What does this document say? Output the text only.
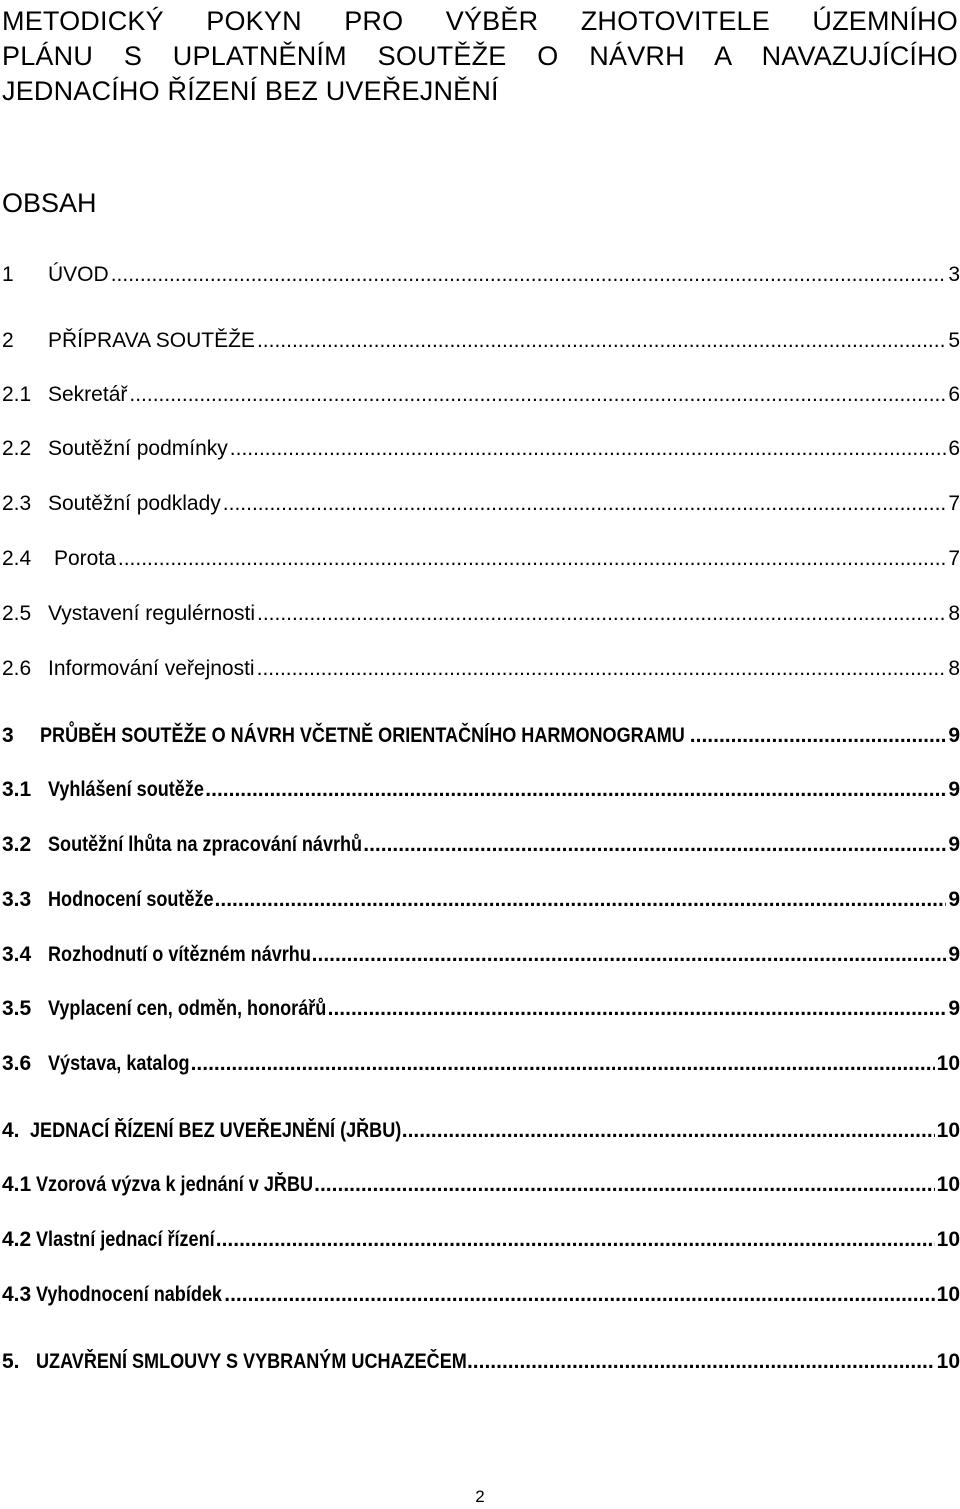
METODICKÝ POKYN PRO VÝBĚR ZHOTOVITELE ÚZEMNÍHO
PLÁNU S UPLATNĚNÍM SOUTĚŽE O NÁVRH A NAVAZUJÍCÍHO
JEDNACÍHO ŘÍZENÍ BEZ UVEŘEJNĚNÍ
OBSAH
1	ÚVOD .....	3
2	PŘÍPRAVA SOUTĚŽE .....	5
2.1 Sekretář .....	6
2.2 Soutěžní podmínky .....	6
2.3 Soutěžní podklady .....	7
2.4	Porota .....	7
2.5 Vystavení regulérnosti .....	8
2.6 Informování veřejnosti .....	8
3	PRŮBĚH SOUTĚŽE O NÁVRH VČETNĚ ORIENTAČNÍHO HARMONOGRAMU .....	9
3.1 Vyhlášení soutěže .....	9
3.2 Soutěžní lhůta na zpracování návrhů .....	9
3.3 Hodnocení soutěže .....	9
3.4 Rozhodnutí o vítězném návrhu .....	9
3.5 Vyplacení cen, odměn, honorářů .....	9
3.6 Výstava, katalog .....	10
4. JEDNACÍ ŘÍZENÍ BEZ UVEŘEJNĚNÍ (JŘBU) .....	10
4.1 Vzorová výzva k jednání v JŘBU .....	10
4.2 Vlastní jednací řízení .....	10
4.3 Vyhodnocení nabídek .....	10
5. UZAVŘENÍ SMLOUVY S VYBRANÝM UCHAZEČEM .....	10
2
